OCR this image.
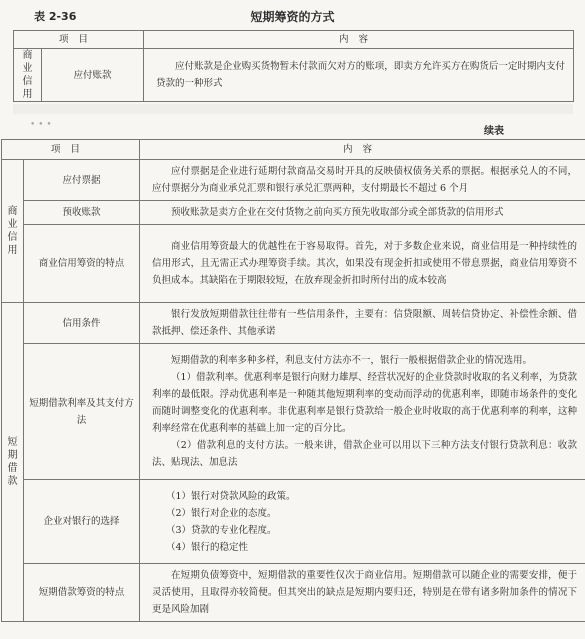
表 2-36	短期筹资的方式
项目		内容

商业信用	应付账款	应付账款是企业购买货物暂未付款而欠对方的账项，即卖方允许买方在购货后一定时期内支付贷款的一种形式

• • •
续表
项目		内容

商业信用	应付票据	应付票据是企业进行延期付款商品交易时开具的反映债权债务关系的票据。根据承兑人的不同，应付票据分为商业承兑汇票和银行承兑汇票两种，支付期最长不超过 6 个月

	预收账款	预收账款是卖方企业在交付货物之前向买方预先收取部分或全部货款的信用形式

	商业信用筹资的特点	商业信用筹资最大的优越性在于容易取得。首先，对于多数企业来说，商业信用是一种持续性的信用形式，且无需正式办理筹资手续。其次，如果没有现金折扣或使用不带息票据，商业信用筹资不负担成本。其缺陷在于期限较短，在放弃现金折扣时所付出的成本较高

短期借款	信用条件	银行发放短期借款往往带有一些信用条件，主要有：信贷限额、周转信贷协定、补偿性余额、借款抵押、偿还条件、其他承诺

	短期借款利率及其支付方法	短期借款的利率多种多样，利息支付方法亦不一，银行一般根据借款企业的情况选用。

（1）借款利率。优惠利率是银行向财力雄厚、经营状况好的企业贷款时收取的名义利率，为贷款利率的最低限。浮动优惠利率是一种随其他短期利率的变动而浮动的优惠利率，即随市场条件的变化而随时调整变化的优惠利率。非优惠利率是银行贷款给一般企业时收取的高于优惠利率的利率，这种利率经常在优惠利率的基础上加一定的百分比。

（2）借款利息的支付方法。一般来讲，借款企业可以用以下三种方法支付银行贷款利息：收款法、贴现法、加息法

	企业对银行的选择	（1）银行对贷款风险的政策。

（2）银行对企业的态度。

（3）贷款的专业化程度。

（4）银行的稳定性

	短期借款筹资的特点	在短期负债筹资中，短期借款的重要性仅次于商业信用。短期借款可以随企业的需要安排，便于灵活使用，且取得亦较简便。但其突出的缺点是短期内要归还，特别是在带有诸多附加条件的情况下更是风险加剧
